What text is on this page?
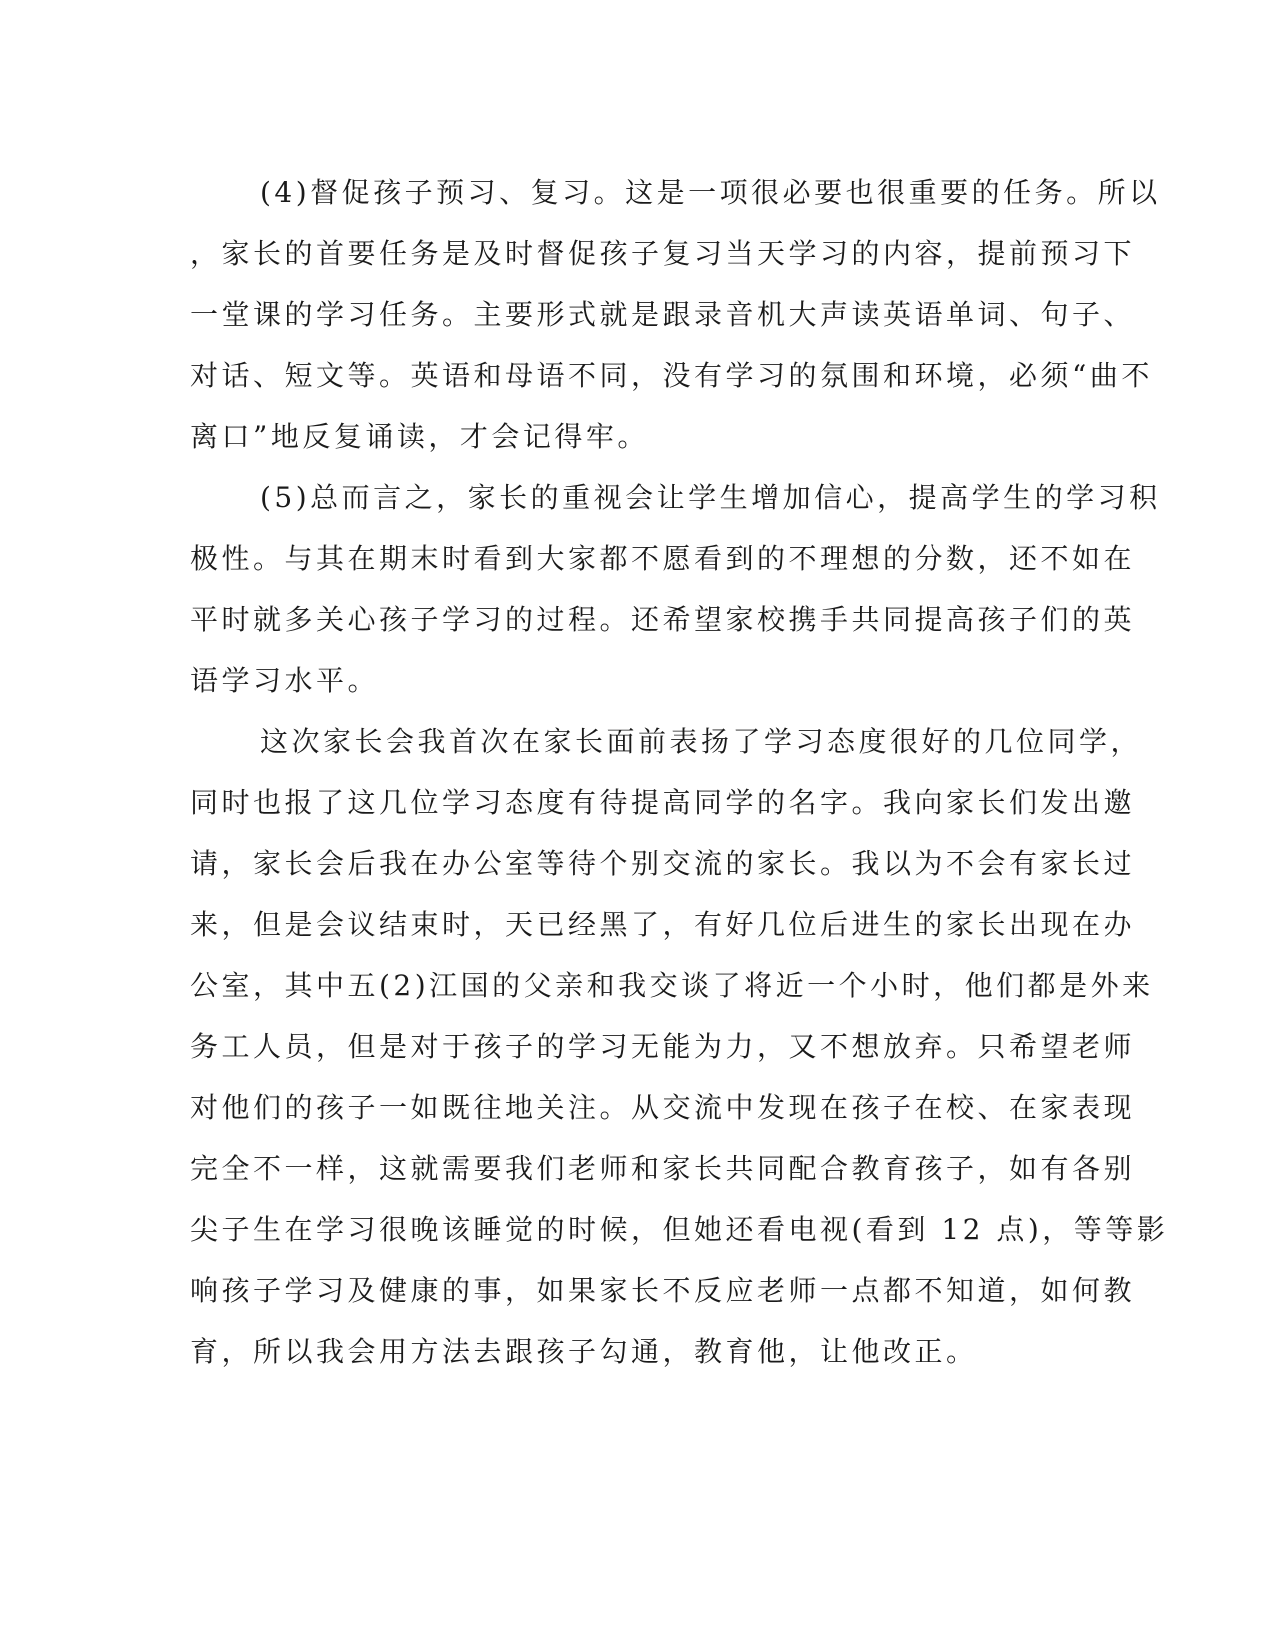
(4)督促孩子预习、复习。这是一项很必要也很重要的任务。所以
，家长的首要任务是及时督促孩子复习当天学习的内容，提前预习下
一堂课的学习任务。主要形式就是跟录音机大声读英语单词、句子、
对话、短文等。英语和母语不同，没有学习的氛围和环境，必须“曲不
离口”地反复诵读，才会记得牢。

(5)总而言之，家长的重视会让学生增加信心，提高学生的学习积
极性。与其在期末时看到大家都不愿看到的不理想的分数，还不如在
平时就多关心孩子学习的过程。还希望家校携手共同提高孩子们的英
语学习水平。

这次家长会我首次在家长面前表扬了学习态度很好的几位同学，
同时也报了这几位学习态度有待提高同学的名字。我向家长们发出邀
请，家长会后我在办公室等待个别交流的家长。我以为不会有家长过
来，但是会议结束时，天已经黑了，有好几位后进生的家长出现在办
公室，其中五(2)江国的父亲和我交谈了将近一个小时，他们都是外来
务工人员，但是对于孩子的学习无能为力，又不想放弃。只希望老师
对他们的孩子一如既往地关注。从交流中发现在孩子在校、在家表现
完全不一样，这就需要我们老师和家长共同配合教育孩子，如有各别
尖子生在学习很晚该睡觉的时候，但她还看电视(看到 12 点)，等等影
响孩子学习及健康的事，如果家长不反应老师一点都不知道，如何教
育，所以我会用方法去跟孩子勾通，教育他，让他改正。
